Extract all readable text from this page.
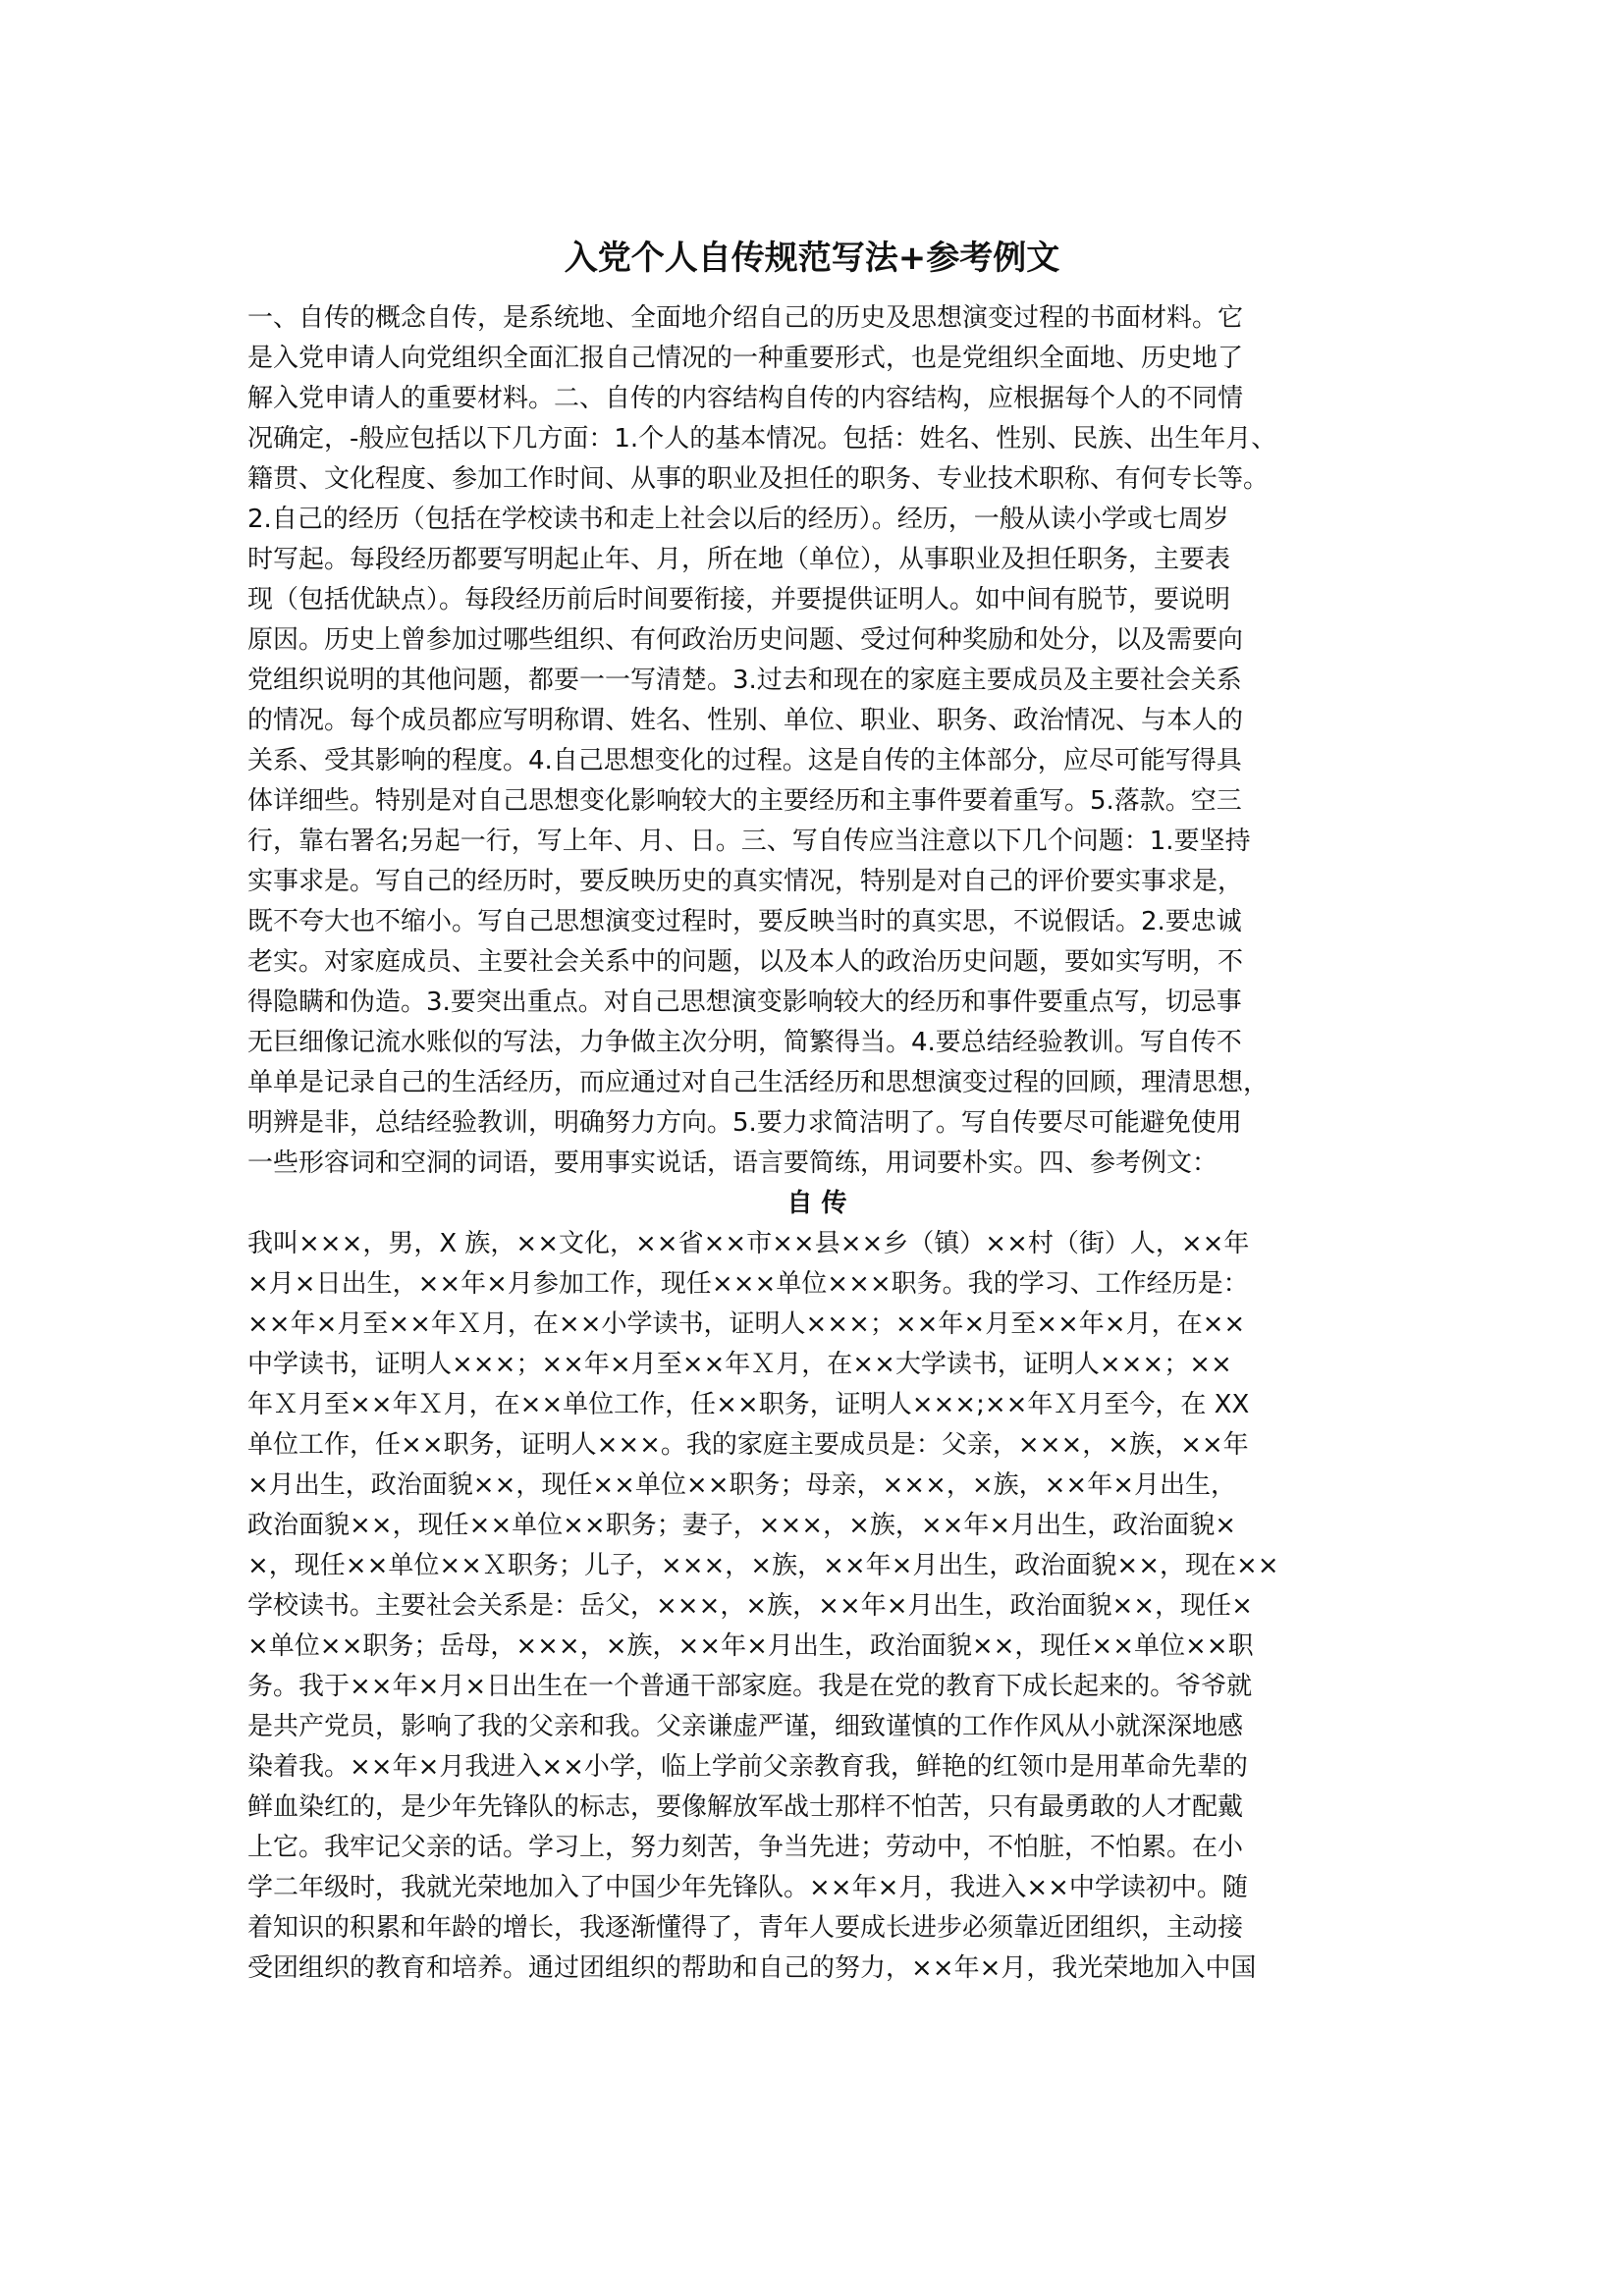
入党个人自传规范写法+参考例文
一、自传的概念自传，是系统地、全面地介绍自己的历史及思想演变过程的书面材料。它
是入党申请人向党组织全面汇报自己情况的一种重要形式，也是党组织全面地、历史地了
解入党申请人的重要材料。二、自传的内容结构自传的内容结构，应根据每个人的不同情
况确定，-般应包括以下几方面：1.个人的基本情况。包括：姓名、性别、民族、出生年月、
籍贯、文化程度、参加工作时间、从事的职业及担任的职务、专业技术职称、有何专长等。
2.自己的经历（包括在学校读书和走上社会以后的经历）。经历，一般从读小学或七周岁
时写起。每段经历都要写明起止年、月，所在地（单位），从事职业及担任职务，主要表
现（包括优缺点）。每段经历前后时间要衔接，并要提供证明人。如中间有脱节，要说明
原因。历史上曾参加过哪些组织、有何政治历史问题、受过何种奖励和处分，以及需要向
党组织说明的其他问题，都要一一写清楚。3.过去和现在的家庭主要成员及主要社会关系
的情况。每个成员都应写明称谓、姓名、性别、单位、职业、职务、政治情况、与本人的
关系、受其影响的程度。4.自己思想变化的过程。这是自传的主体部分，应尽可能写得具
体详细些。特别是对自己思想变化影响较大的主要经历和主事件要着重写。5.落款。空三
行，靠右署名;另起一行，写上年、月、日。三、写自传应当注意以下几个问题：1.要坚持
实事求是。写自己的经历时，要反映历史的真实情况，特别是对自己的评价要实事求是，
既不夸大也不缩小。写自己思想演变过程时，要反映当时的真实思，不说假话。2.要忠诚
老实。对家庭成员、主要社会关系中的问题，以及本人的政治历史问题，要如实写明，不
得隐瞒和伪造。3.要突出重点。对自己思想演变影响较大的经历和事件要重点写，切忌事
无巨细像记流水账似的写法，力争做主次分明，简繁得当。4.要总结经验教训。写自传不
单单是记录自己的生活经历，而应通过对自己生活经历和思想演变过程的回顾，理清思想，
明辨是非，总结经验教训，明确努力方向。5.要力求简洁明了。写自传要尽可能避免使用
一些形容词和空洞的词语，要用事实说话，语言要简练，用词要朴实。四、参考例文：
自 传
我叫×××，男，X 族，××文化，××省××市××县××乡（镇）××村（街）人，××年
×月×日出生，××年×月参加工作，现任×××单位×××职务。我的学习、工作经历是：
××年×月至××年Ｘ月，在××小学读书，证明人×××；××年×月至××年×月，在××
中学读书，证明人×××；××年×月至××年Ｘ月，在××大学读书，证明人×××；××
年Ｘ月至××年Ｘ月，在××单位工作，任××职务，证明人×××;××年Ｘ月至今，在 XX
单位工作，任××职务，证明人×××。我的家庭主要成员是：父亲，×××，×族，××年
×月出生，政治面貌××，现任××单位××职务；母亲，×××，×族，××年×月出生，
政治面貌××，现任××单位××职务；妻子，×××，×族，××年×月出生，政治面貌×
×，现任××单位××Ｘ职务；儿子，×××，×族，××年×月出生，政治面貌××，现在××
学校读书。主要社会关系是：岳父，×××，×族，××年×月出生，政治面貌××，现任×
×单位××职务；岳母，×××，×族，××年×月出生，政治面貌××，现任××单位××职
务。我于××年×月×日出生在一个普通干部家庭。我是在党的教育下成长起来的。爷爷就
是共产党员，影响了我的父亲和我。父亲谦虚严谨，细致谨慎的工作作风从小就深深地感
染着我。××年×月我进入××小学，临上学前父亲教育我，鲜艳的红领巾是用革命先辈的
鲜血染红的，是少年先锋队的标志，要像解放军战士那样不怕苦，只有最勇敢的人才配戴
上它。我牢记父亲的话。学习上，努力刻苦，争当先进；劳动中，不怕脏，不怕累。在小
学二年级时，我就光荣地加入了中国少年先锋队。××年×月，我进入××中学读初中。随
着知识的积累和年龄的增长，我逐渐懂得了，青年人要成长进步必须靠近团组织，主动接
受团组织的教育和培养。通过团组织的帮助和自己的努力，××年×月，我光荣地加入中国
